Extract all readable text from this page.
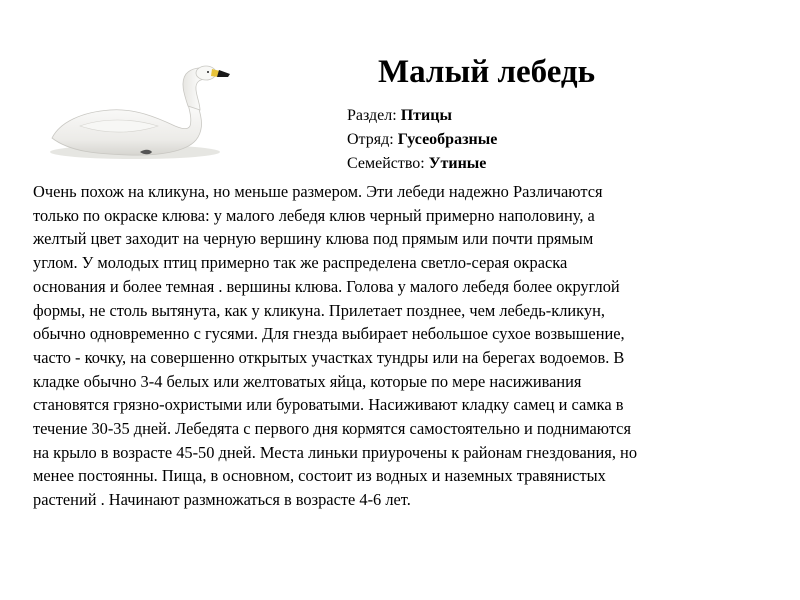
Малый лебедь
Раздел: Птицы
Отряд: Гусеобразные
Семейство: Утиные
Очень похож на кликуна, но меньше размером. Эти лебеди надежно Различаются
только по окраске клюва: у малого лебедя клюв черный примерно наполовину, а
желтый цвет заходит на черную вершину клюва под прямым или почти прямым
углом. У молодых птиц примерно так же распределена светло-серая окраска
основания и более темная . вершины клюва. Голова у малого лебедя более округлой
формы, не столь вытянута, как у кликуна. Прилетает позднее, чем лебедь-кликун,
обычно одновременно с гусями. Для гнезда выбирает небольшое сухое возвышение,
часто - кочку, на совершенно открытых участках тундры или на берегах водоемов. В
кладке обычно 3-4 белых или желтоватых яйца, которые по мере насиживания
становятся грязно-охристыми или буроватыми. Насиживают кладку самец и самка в
течение 30-35 дней. Лебедята с первого дня кормятся самостоятельно и поднимаются
на крыло в возрасте 45-50 дней. Места линьки приурочены к районам гнездования, но
менее постоянны. Пища, в основном, состоит из водных и наземных травянистых
растений . Начинают размножаться в возрасте 4-6 лет.
